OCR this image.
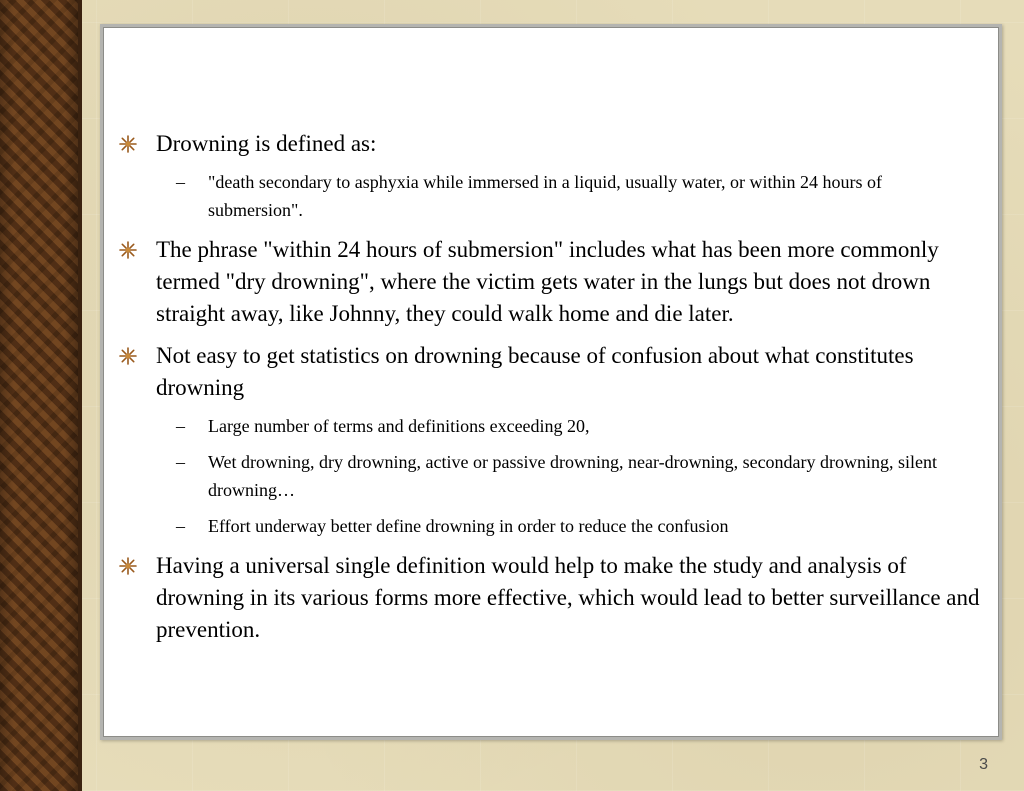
Drowning is defined as:
– "death secondary to asphyxia while immersed in a liquid, usually water, or within 24 hours of submersion".
The phrase "within 24 hours of submersion" includes what has been more commonly termed "dry drowning", where the victim gets water in the lungs but does not drown straight away, like Johnny, they could walk home and die later.
Not easy to get statistics on drowning because of confusion about what constitutes drowning
– Large number of terms and definitions exceeding 20,
– Wet drowning, dry drowning, active or passive drowning, near-drowning, secondary drowning, silent drowning…
– Effort underway better define drowning in order to reduce the confusion
Having a universal single definition would help to make the study and analysis of drowning in its various forms more effective, which would lead to better surveillance and prevention.
3
